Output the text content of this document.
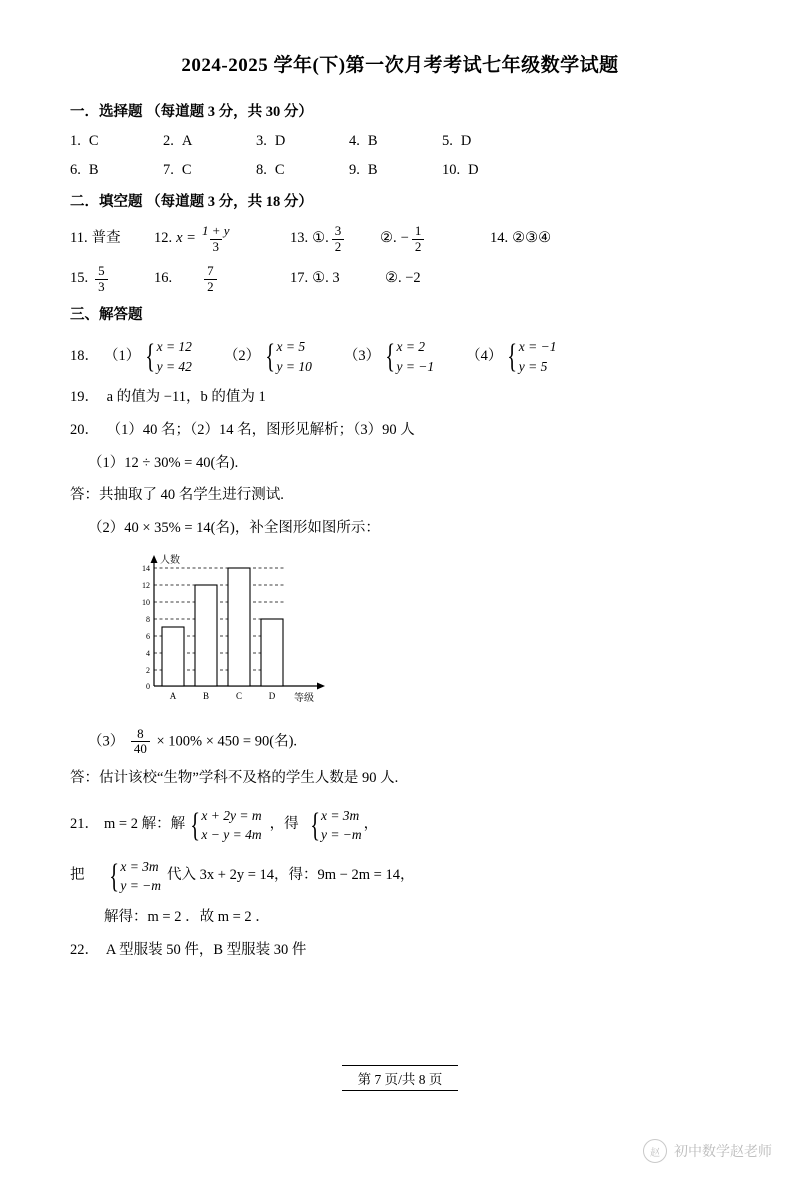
2024-2025 学年(下)第一次月考考试七年级数学试题
一．选择题 （每道题 3 分，共 30 分）
1. C	2. A	3. D	4. B	5. D
6. B	7. C	8. C	9. B	10. D
二．填空题 （每道题 3 分，共 18 分）
11. 普查 12. $x = \frac{1 + y}{3}$	13. ①. $\frac{3}{2}$ ②. − $\frac{1}{2}$	14. ②③④
15. $\frac{5}{3}$	16. $\frac{7}{2}$	17. ①. 3	②. −2
三、解答题
18． （1） { x = 12
y = 42
（2） { x = 5
y = 10
（3） { x = 2
y = −1
（4） { x = −1
y = 5
19． a 的值为 −11，b 的值为 1
20． （1）40 名；（2）14 名，图形见解析；（3）90 人
（1）12 ÷ 30% = 40(名).
答：共抽取了 40 名学生进行测试.
（2）40 × 35% = 14(名)，补全图形如图所示：
14
12
10
8
6
4
2
0
A	B	C	D
人数
等级
$(3) \frac{8}{40} \times 100\% \times 450 = 90$(名).
答：估计该校“生物”学科不及格的学生人数是 90 人.
21． m = 2 解：解 { x + 2y = m
x − y = 4m
，得 { x = 3m
y = −m
，
把 { x = 3m
y = −m
代入 3x + 2y = 14，得：9m − 2m = 14，
解得：m = 2 ．故 m = 2 ．
22． A 型服装 50 件，B 型服装 30 件
第 7 页/共 8 页
赵	初中数学赵老师
